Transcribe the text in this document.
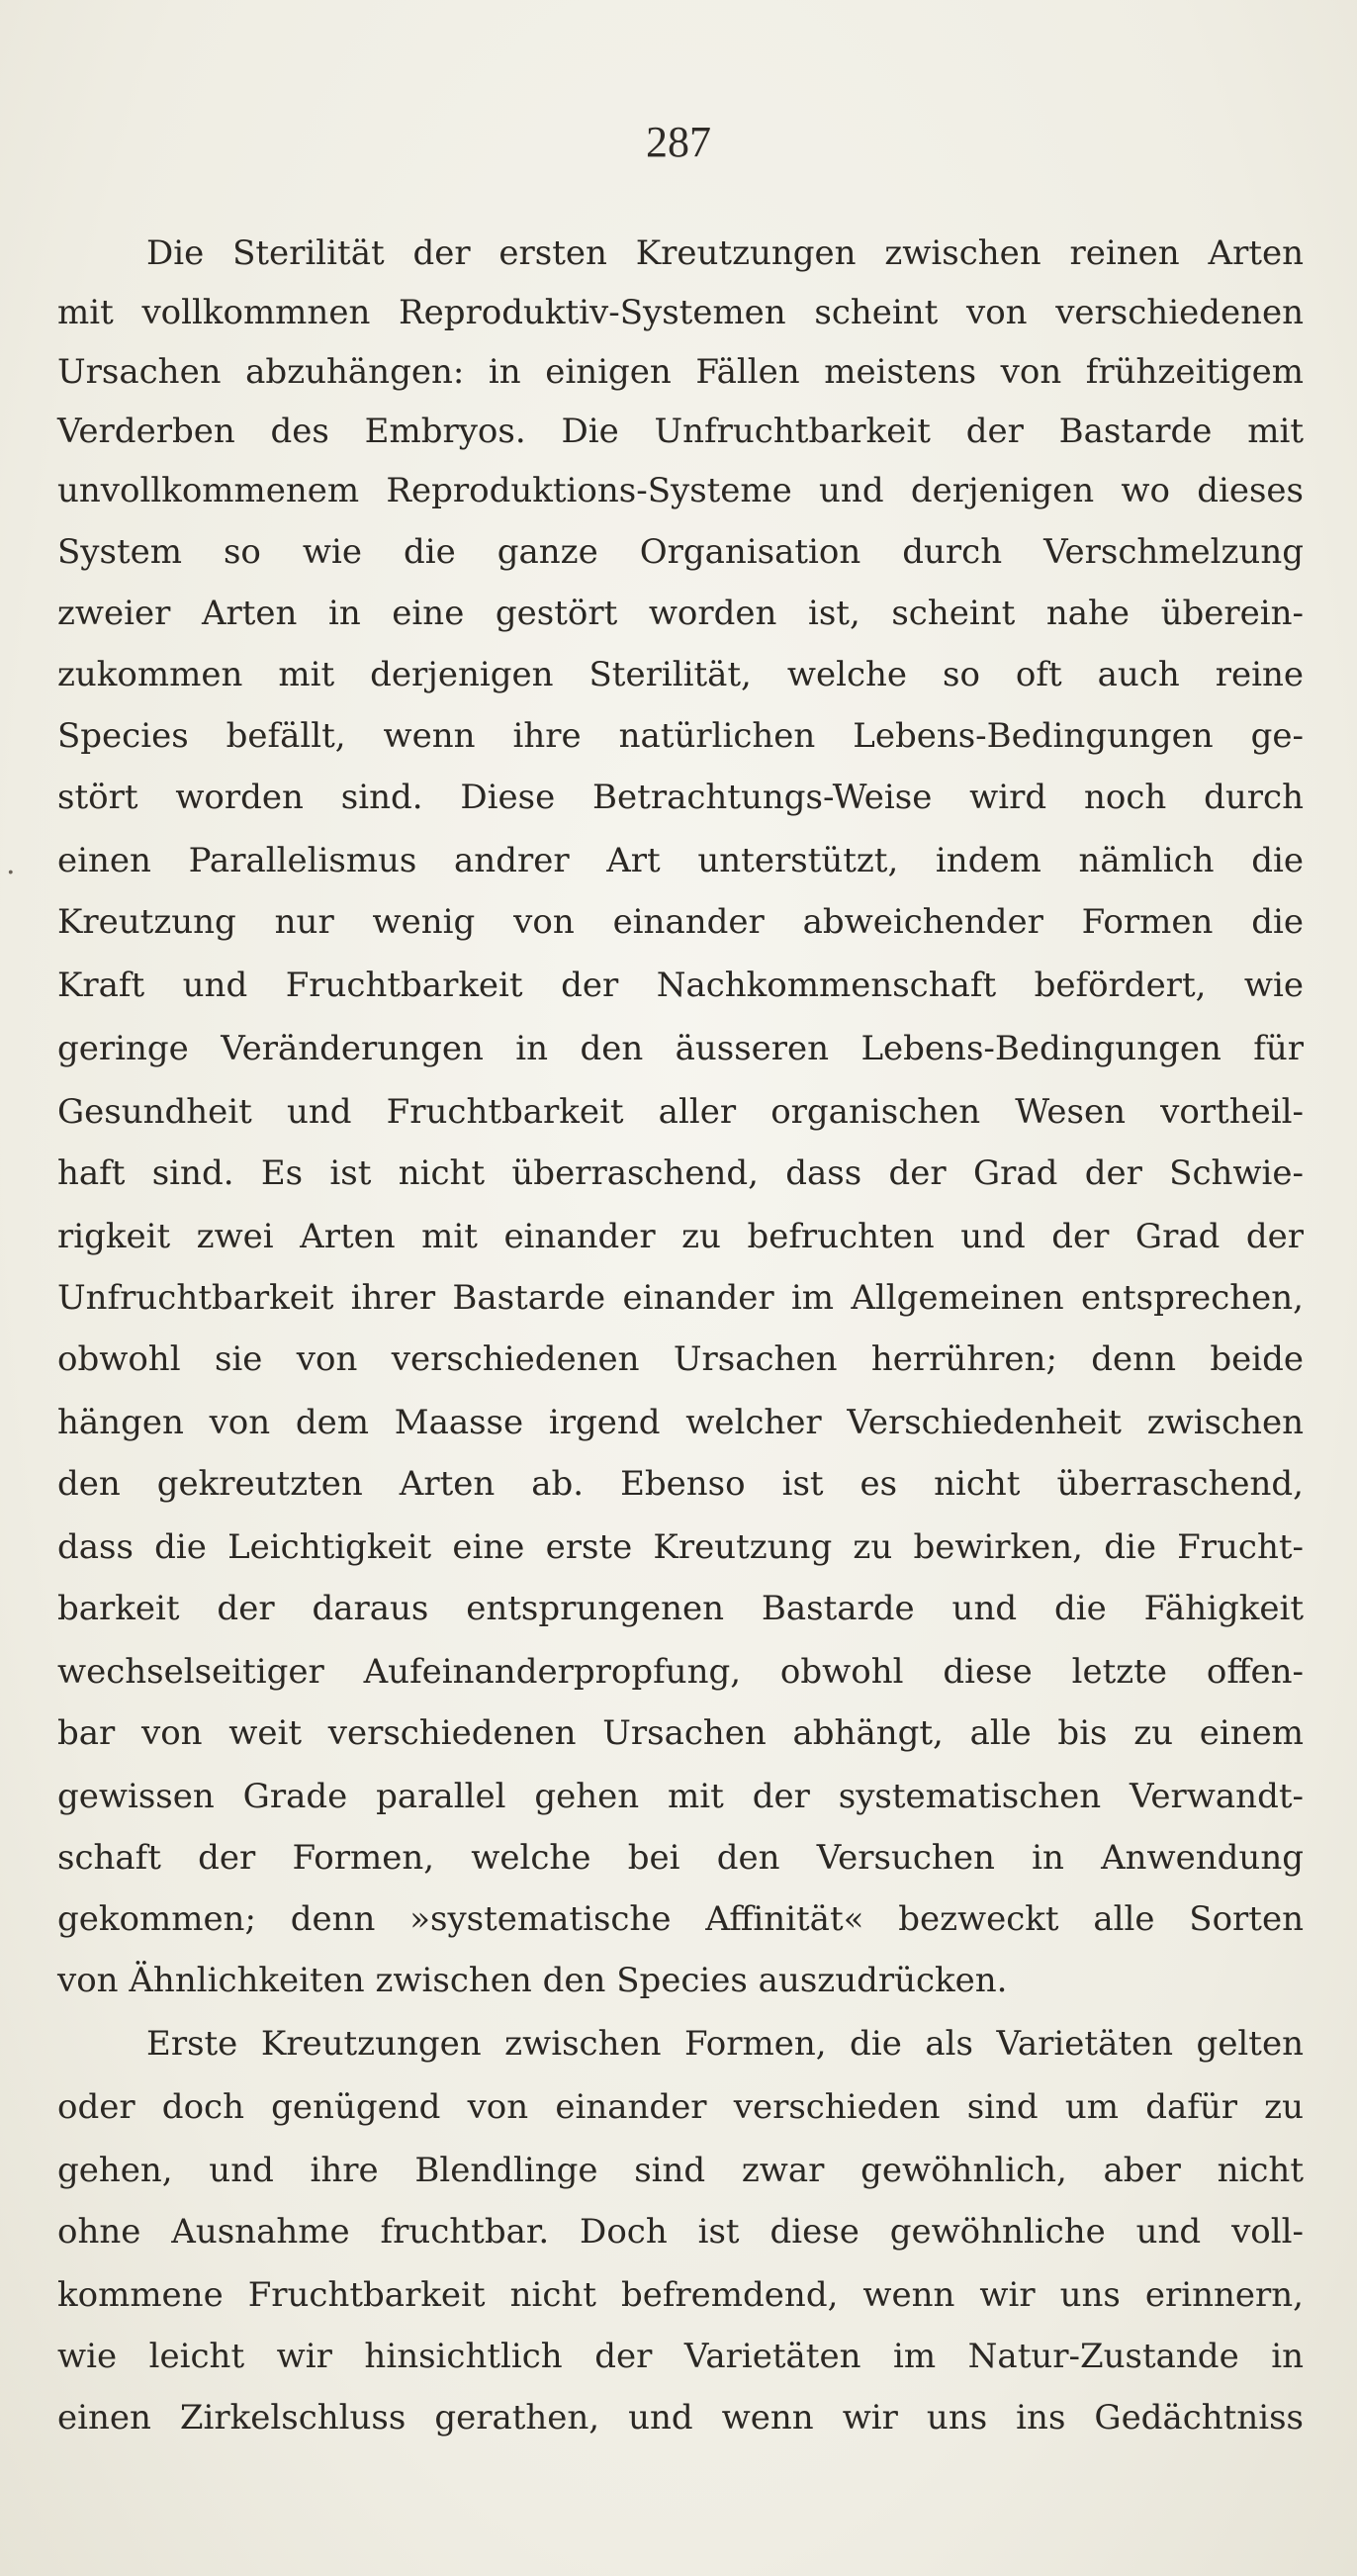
287
.
Die Sterilität der ersten Kreutzungen zwischen reinen Arten
mit vollkommnen Reproduktiv-Systemen scheint von verschiedenen
Ursachen abzuhängen: in einigen Fällen meistens von frühzeitigem
Verderben des Embryos. Die Unfruchtbarkeit der Bastarde mit
unvollkommenem Reproduktions-Systeme und derjenigen wo dieses
System so wie die ganze Organisation durch Verschmelzung
zweier Arten in eine gestört worden ist, scheint nahe überein-
zukommen mit derjenigen Sterilität, welche so oft auch reine
Species befällt, wenn ihre natürlichen Lebens-Bedingungen ge-
stört worden sind. Diese Betrachtungs-Weise wird noch durch
einen Parallelismus andrer Art unterstützt, indem nämlich die
Kreutzung nur wenig von einander abweichender Formen die
Kraft und Fruchtbarkeit der Nachkommenschaft befördert, wie
geringe Veränderungen in den äusseren Lebens-Bedingungen für
Gesundheit und Fruchtbarkeit aller organischen Wesen vortheil-
haft sind. Es ist nicht überraschend, dass der Grad der Schwie-
rigkeit zwei Arten mit einander zu befruchten und der Grad der
Unfruchtbarkeit ihrer Bastarde einander im Allgemeinen entsprechen,
obwohl sie von verschiedenen Ursachen herrühren; denn beide
hängen von dem Maasse irgend welcher Verschiedenheit zwischen
den gekreutzten Arten ab. Ebenso ist es nicht überraschend,
dass die Leichtigkeit eine erste Kreutzung zu bewirken, die Frucht-
barkeit der daraus entsprungenen Bastarde und die Fähigkeit
wechselseitiger Aufeinanderpropfung, obwohl diese letzte offen-
bar von weit verschiedenen Ursachen abhängt, alle bis zu einem
gewissen Grade parallel gehen mit der systematischen Verwandt-
schaft der Formen, welche bei den Versuchen in Anwendung
gekommen; denn »systematische Affinität« bezweckt alle Sorten
von Ähnlichkeiten zwischen den Species auszudrücken.
Erste Kreutzungen zwischen Formen, die als Varietäten gelten
oder doch genügend von einander verschieden sind um dafür zu
gehen, und ihre Blendlinge sind zwar gewöhnlich, aber nicht
ohne Ausnahme fruchtbar. Doch ist diese gewöhnliche und voll-
kommene Fruchtbarkeit nicht befremdend, wenn wir uns erinnern,
wie leicht wir hinsichtlich der Varietäten im Natur-Zustande in
einen Zirkelschluss gerathen, und wenn wir uns ins Gedächtniss
